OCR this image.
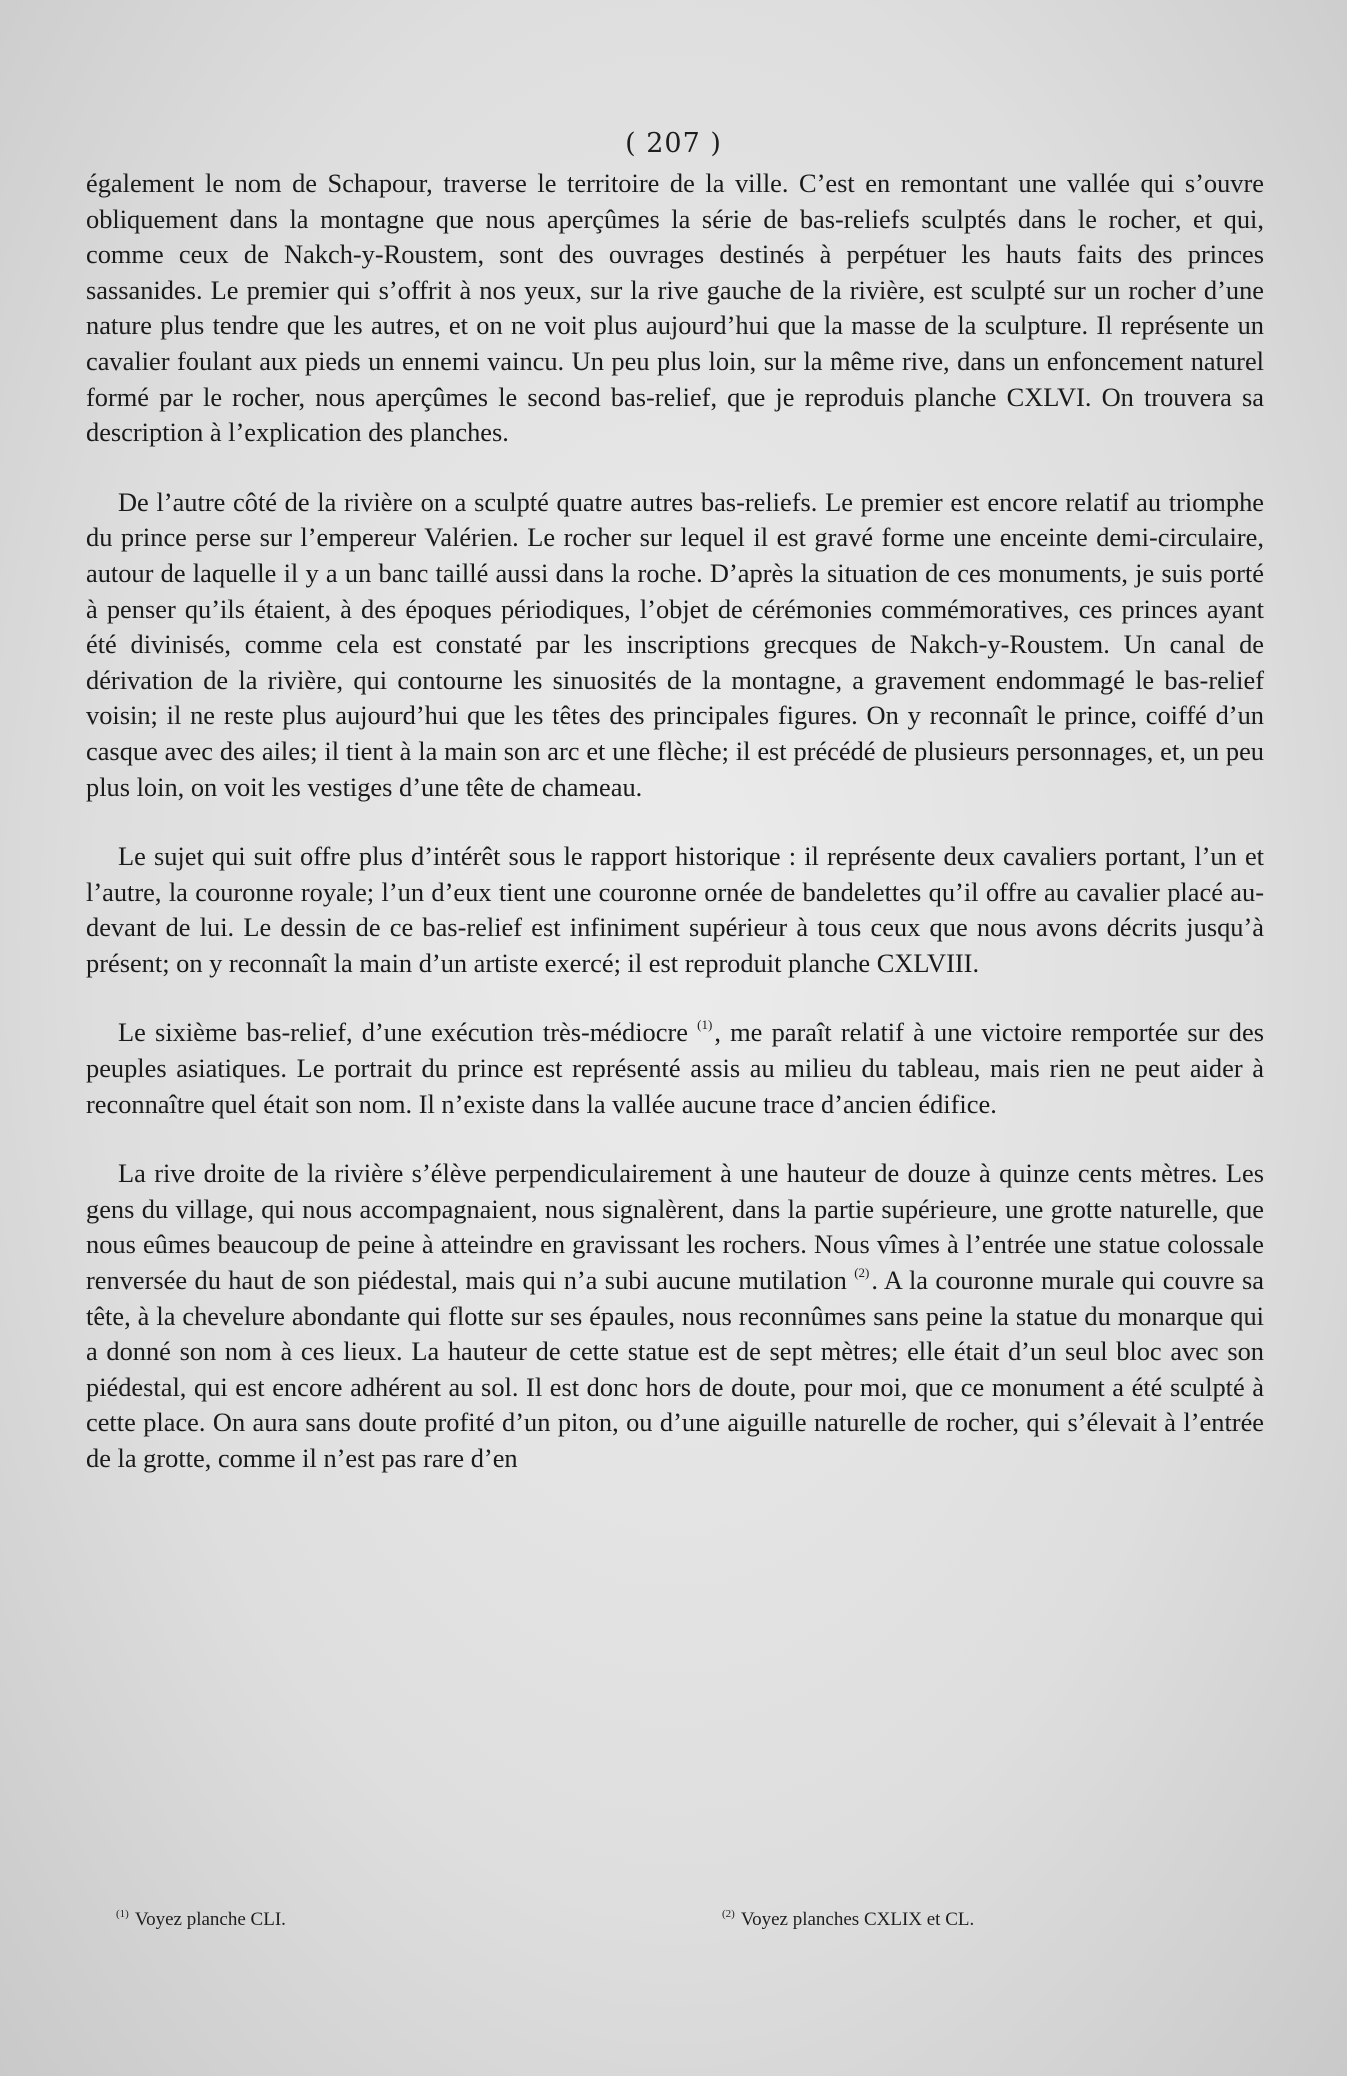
( 207 )

également le nom de Schapour, traverse le territoire de la ville. C’est en remontant une vallée qui s’ouvre obliquement dans la montagne que nous aperçûmes la série de bas-reliefs sculptés dans le rocher, et qui, comme ceux de Nakch-y-Roustem, sont des ouvrages destinés à perpétuer les hauts faits des princes sassanides. Le premier qui s’offrit à nos yeux, sur la rive gauche de la rivière, est sculpté sur un rocher d’une nature plus tendre que les autres, et on ne voit plus aujourd’hui que la masse de la sculpture. Il représente un cavalier foulant aux pieds un ennemi vaincu. Un peu plus loin, sur la même rive, dans un enfoncement naturel formé par le rocher, nous aperçûmes le second bas-relief, que je reproduis planche CXLVI. On trouvera sa description à l’explication des planches.

De l’autre côté de la rivière on a sculpté quatre autres bas-reliefs. Le premier est encore relatif au triomphe du prince perse sur l’empereur Valérien. Le rocher sur lequel il est gravé forme une enceinte demi-circulaire, autour de laquelle il y a un banc taillé aussi dans la roche. D’après la situation de ces monuments, je suis porté à penser qu’ils étaient, à des époques périodiques, l’objet de cérémonies commémoratives, ces princes ayant été divinisés, comme cela est constaté par les inscriptions grecques de Nakch-y-Roustem. Un canal de dérivation de la rivière, qui contourne les sinuosités de la montagne, a gravement endommagé le bas-relief voisin; il ne reste plus aujourd’hui que les têtes des principales figures. On y reconnaît le prince, coiffé d’un casque avec des ailes; il tient à la main son arc et une flèche; il est précédé de plusieurs personnages, et, un peu plus loin, on voit les vestiges d’une tête de chameau.

Le sujet qui suit offre plus d’intérêt sous le rapport historique : il représente deux cavaliers portant, l’un et l’autre, la couronne royale; l’un d’eux tient une couronne ornée de bandelettes qu’il offre au cavalier placé au-devant de lui. Le dessin de ce bas-relief est infiniment supérieur à tous ceux que nous avons décrits jusqu’à présent; on y reconnaît la main d’un artiste exercé; il est reproduit planche CXLVIII.

Le sixième bas-relief, d’une exécution très-médiocre $^{(1)}$, me paraît relatif à une victoire remportée sur des peuples asiatiques. Le portrait du prince est représenté assis au milieu du tableau, mais rien ne peut aider à reconnaître quel était son nom. Il n’existe dans la vallée aucune trace d’ancien édifice.

La rive droite de la rivière s’élève perpendiculairement à une hauteur de douze à quinze cents mètres. Les gens du village, qui nous accompagnaient, nous signalèrent, dans la partie supérieure, une grotte naturelle, que nous eûmes beaucoup de peine à atteindre en gravissant les rochers. Nous vîmes à l’entrée une statue colossale renversée du haut de son piédestal, mais qui n’a subi aucune mutilation $^{(2)}$. A la couronne murale qui couvre sa tête, à la chevelure abondante qui flotte sur ses épaules, nous reconnûmes sans peine la statue du monarque qui a donné son nom à ces lieux. La hauteur de cette statue est de sept mètres; elle était d’un seul bloc avec son piédestal, qui est encore adhérent au sol. Il est donc hors de doute, pour moi, que ce monument a été sculpté à cette place. On aura sans doute profité d’un piton, ou d’une aiguille naturelle de rocher, qui s’élevait à l’entrée de la grotte, comme il n’est pas rare d’en

$^{(1)}$ Voyez planche CLI.	$^{(2)}$ Voyez planches CXLIX et CL.
